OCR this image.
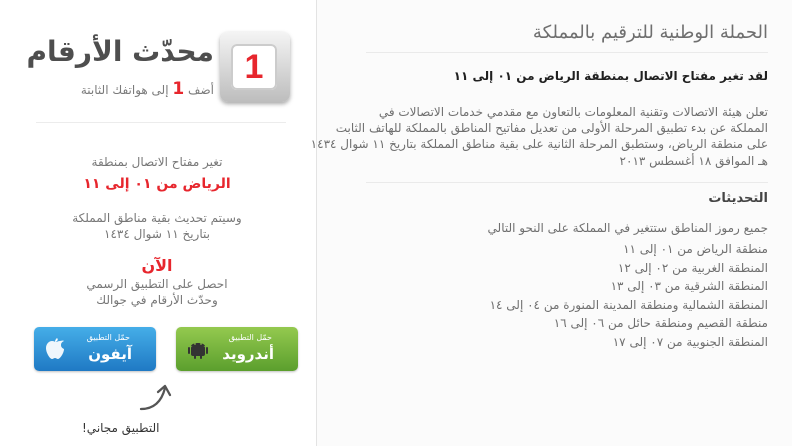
1
محدّث الأرقام
أضف 1 إلى هواتفك الثابتة
تغير مفتاح الاتصال بمنطقة
الرياض من ٠١ إلى ١١
وسيتم تحديث بقية مناطق المملكة
بتاريخ ١١ شوال ١٤٣٤
الآن
احصل على التطبيق الرسمي
وحدّث الأرقام في جوالك
حمّل التطبيق
أندرويد
حمّل التطبيق
آيفون
التطبيق مجاني!
الحملة الوطنية للترقيم بالمملكة
لقد تغير مفتاح الاتصال بمنطقة الرياض من ٠١ إلى ١١
تعلن هيئة الاتصالات وتقنية المعلومات بالتعاون مع مقدمي خدمات الاتصالات في
المملكة عن بدء تطبيق المرحلة الأولى من تعديل مفاتيح المناطق بالمملكة للهاتف الثابت
على منطقة الرياض، وستطبق المرحلة الثانية على بقية مناطق المملكة بتاريخ ١١ شوال ١٤٣٤
هـ الموافق ١٨ أغسطس ٢٠١٣
التحديثات
جميع رموز المناطق ستتغير في المملكة على النحو التالي
منطقة الرياض من ٠١ إلى ١١
المنطقة الغربية من ٠٢ إلى ١٢
المنطقة الشرقية من ٠٣ إلى ١٣
المنطقة الشمالية ومنطقة المدينة المنورة من ٠٤ إلى ١٤
منطقة القصيم ومنطقة حائل من ٠٦ إلى ١٦
المنطقة الجنوبية من ٠٧ إلى ١٧
